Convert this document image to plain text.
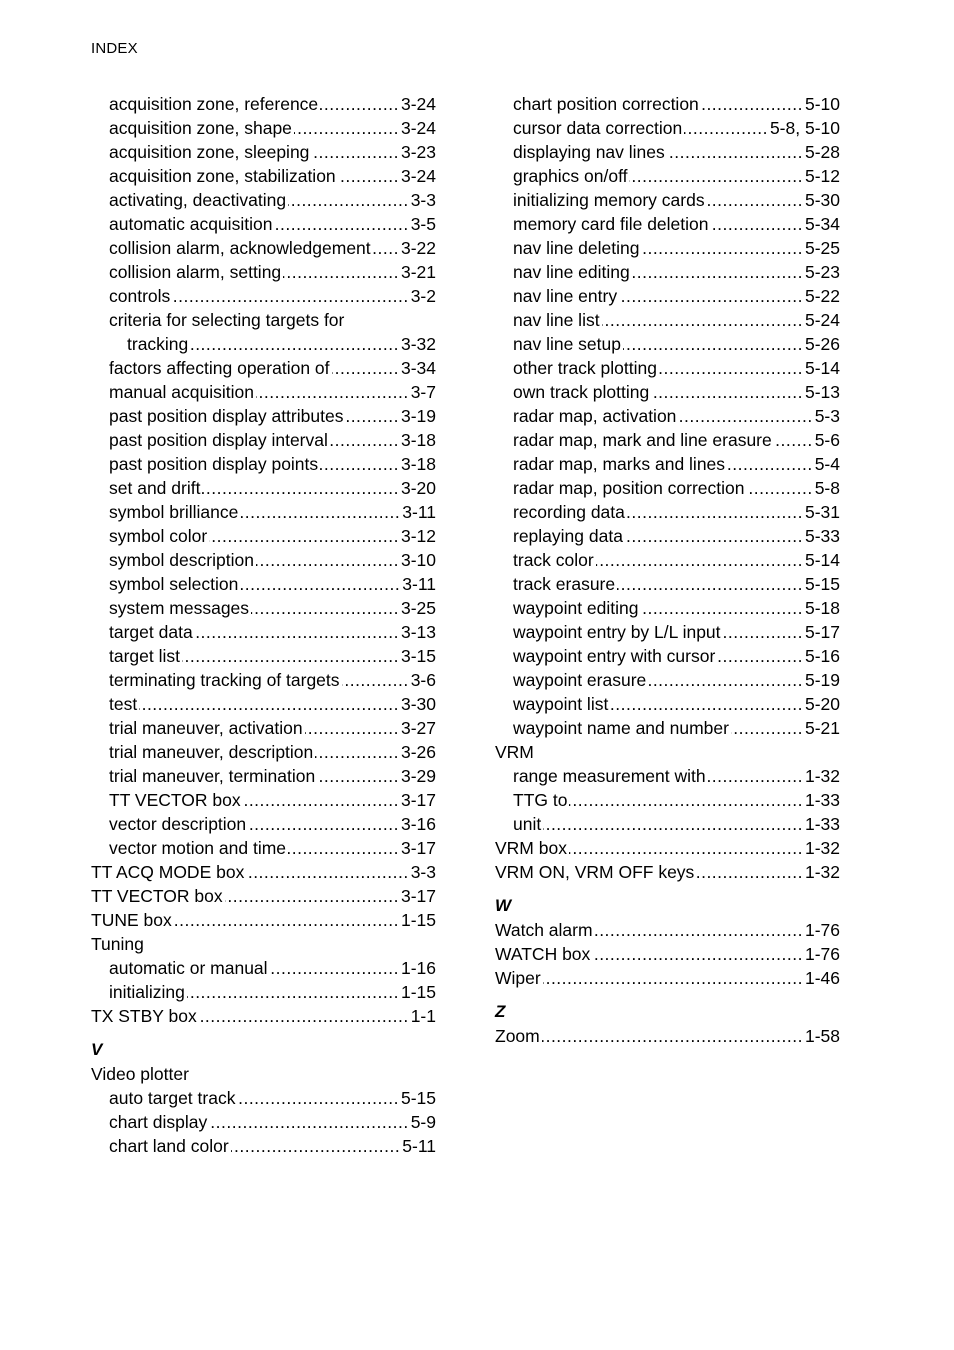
INDEX
acquisition zone, reference .....	3-24
acquisition zone, shape .....	3-24
acquisition zone, sleeping .....	3-23
acquisition zone, stabilization .....	3-24
activating, deactivating .....	3-3
automatic acquisition .....	3-5
collision alarm, acknowledgement ..... 3-22
collision alarm, setting .....	3-21
controls .....	3-2
criteria for selecting targets for
tracking .....	3-32
factors affecting operation of .....	3-34
manual acquisition .....	3-7
past position display attributes .....	3-19
past position display interval .....	3-18
past position display points .....	3-18
set and drift .....	3-20
symbol brilliance .....	3-11
symbol color .....	3-12
symbol description .....	3-10
symbol selection .....	3-11
system messages .....	3-25
target data .....	3-13
target list .....	3-15
terminating tracking of targets .....	3-6
test .....	3-30
trial maneuver, activation .....	3-27
trial maneuver, description .....	3-26
trial maneuver, termination .....	3-29
TT VECTOR box .....	3-17
vector description .....	3-16
vector motion and time .....	3-17
TT ACQ MODE box .....	3-3
TT VECTOR box .....	3-17
TUNE box .....	1-15
Tuning
automatic or manual .....	1-16
initializing .....	1-15
TX STBY box .....	1-1
V
Video plotter
auto target track .....	5-15
chart display .....	5-9
chart land color .....	5-11
chart position correction .....	5-10
cursor data correction .....	5-8, 5-10
displaying nav lines .....	5-28
graphics on/off .....	5-12
initializing memory cards .....	5-30
memory card file deletion .....	5-34
nav line deleting .....	5-25
nav line editing .....	5-23
nav line entry .....	5-22
nav line list .....	5-24
nav line setup .....	5-26
other track plotting .....	5-14
own track plotting .....	5-13
radar map, activation .....	5-3
radar map, mark and line erasure ..... 5-6
radar map, marks and lines .....	5-4
radar map, position correction .....	5-8
recording data .....	5-31
replaying data .....	5-33
track color .....	5-14
track erasure .....	5-15
waypoint editing .....	5-18
waypoint entry by L/L input .....	5-17
waypoint entry with cursor .....	5-16
waypoint erasure .....	5-19
waypoint list .....	5-20
waypoint name and number .....	5-21
VRM
range measurement with .....	1-32
TTG to .....	1-33
unit .....	1-33
VRM box .....	1-32
VRM ON, VRM OFF keys .....	1-32
W
Watch alarm .....	1-76
WATCH box .....	1-76
Wiper .....	1-46
Z
Zoom .....	1-58
